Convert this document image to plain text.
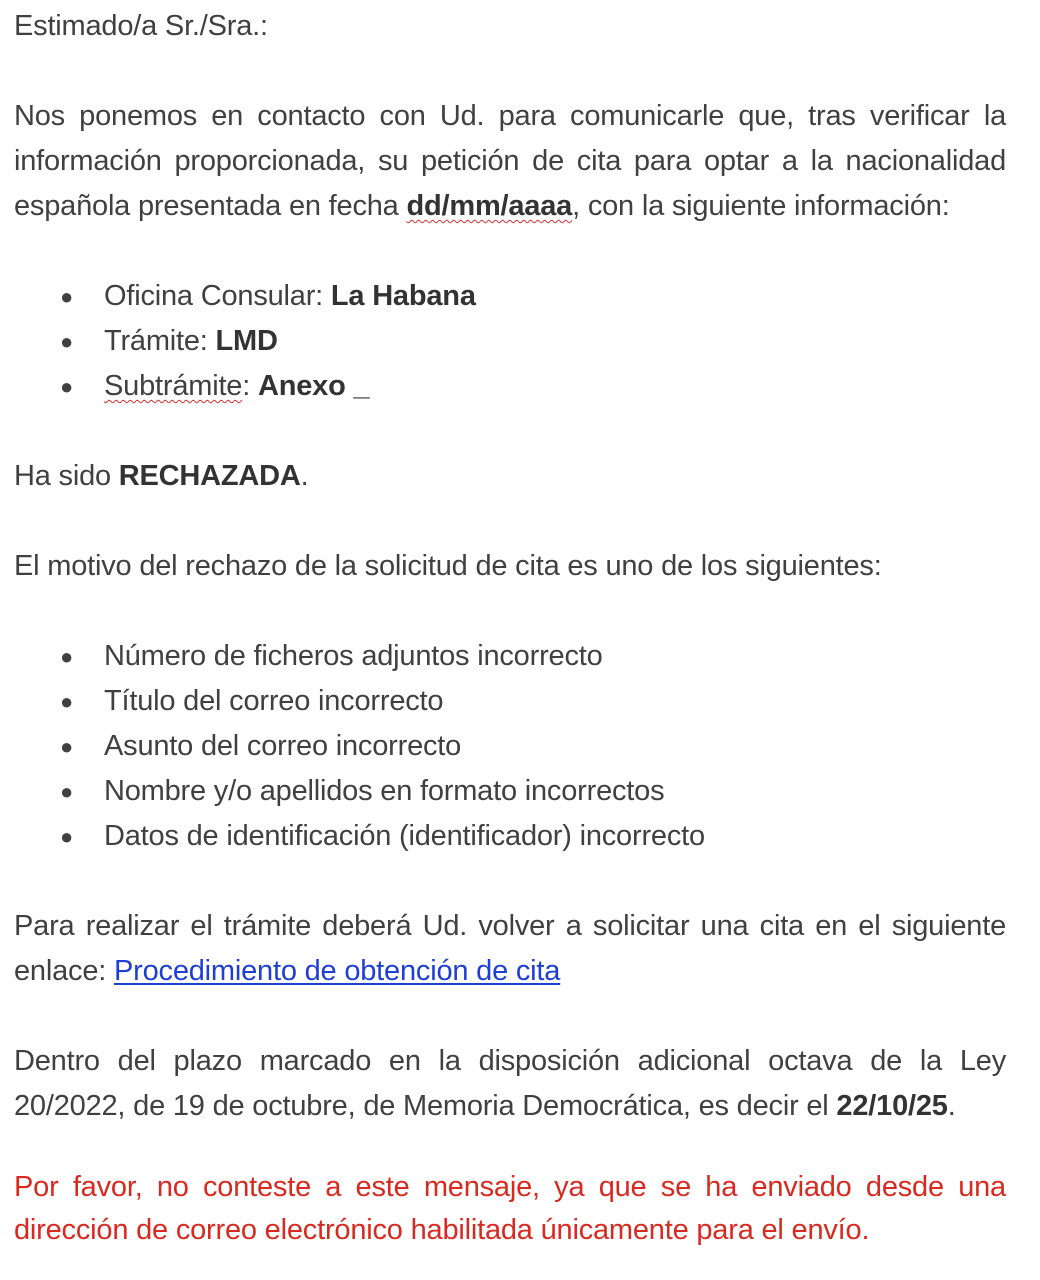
Estimado/a Sr./Sra.:

Nos ponemos en contacto con Ud. para comunicarle que, tras verificar la información proporcionada, su petición de cita para optar a la nacionalidad española presentada en fecha dd/mm/aaaa, con la siguiente información:

● Oficina Consular: La Habana
● Trámite: LMD
● Subtrámite: Anexo _

Ha sido RECHAZADA.

El motivo del rechazo de la solicitud de cita es uno de los siguientes:

● Número de ficheros adjuntos incorrecto
● Título del correo incorrecto
● Asunto del correo incorrecto
● Nombre y/o apellidos en formato incorrectos
● Datos de identificación (identificador) incorrecto

Para realizar el trámite deberá Ud. volver a solicitar una cita en el siguiente enlace: Procedimiento de obtención de cita

Dentro del plazo marcado en la disposición adicional octava de la Ley 20/2022, de 19 de octubre, de Memoria Democrática, es decir el 22/10/25.

Por favor, no conteste a este mensaje, ya que se ha enviado desde una dirección de correo electrónico habilitada únicamente para el envío.
